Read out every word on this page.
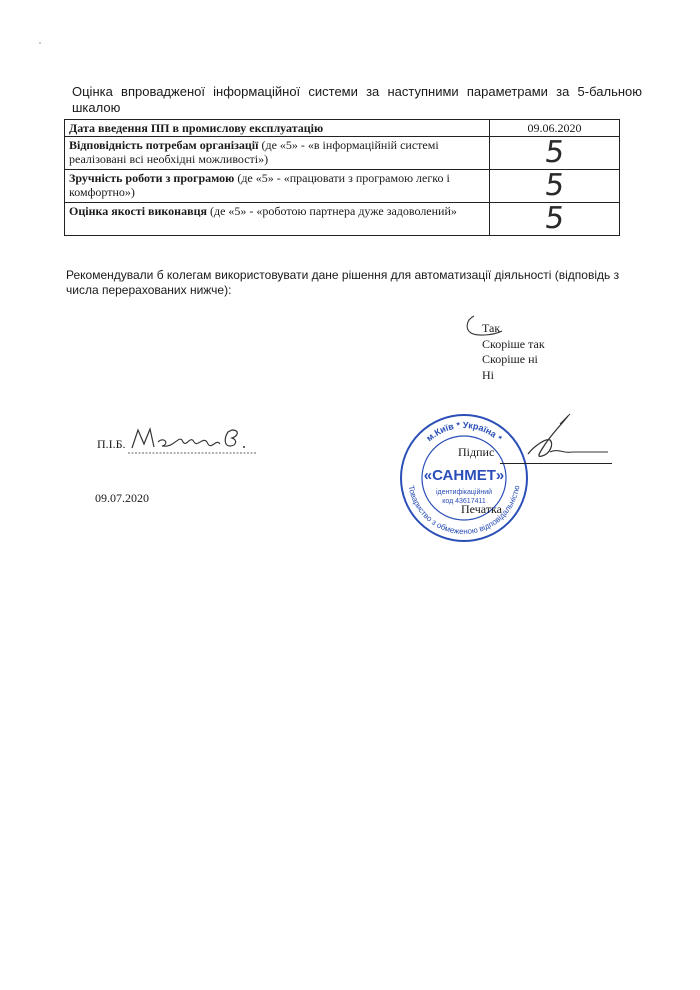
Оцінка впровадженої інформаційної системи за наступними параметрами за 5-бальною шкалою

Дата введення ПП в промислову експлуатацію	09.06.2020
Відповідність потребам організації (де «5» - «в інформаційній системі реалізовані всі необхідні можливості»)	5
Зручність роботи з програмою (де «5» - «працювати з програмою легко і комфортно»)	5
Оцінка якості виконавця (де «5» - «роботою партнера дуже задоволений»	5

Рекомендували б колегам використовувати дане рішення для автоматизації діяльності (відповідь з числа перерахованих нижче):

Так
Скоріше так
Скоріше ні
Ні
П.І.Б.
09.07.2020
м.Київ * Україна *
Товариство з обмеженою відповідальністю
«САНМЕТ»
ідентифікаційний
код 43617411
Підпис
Печатка
